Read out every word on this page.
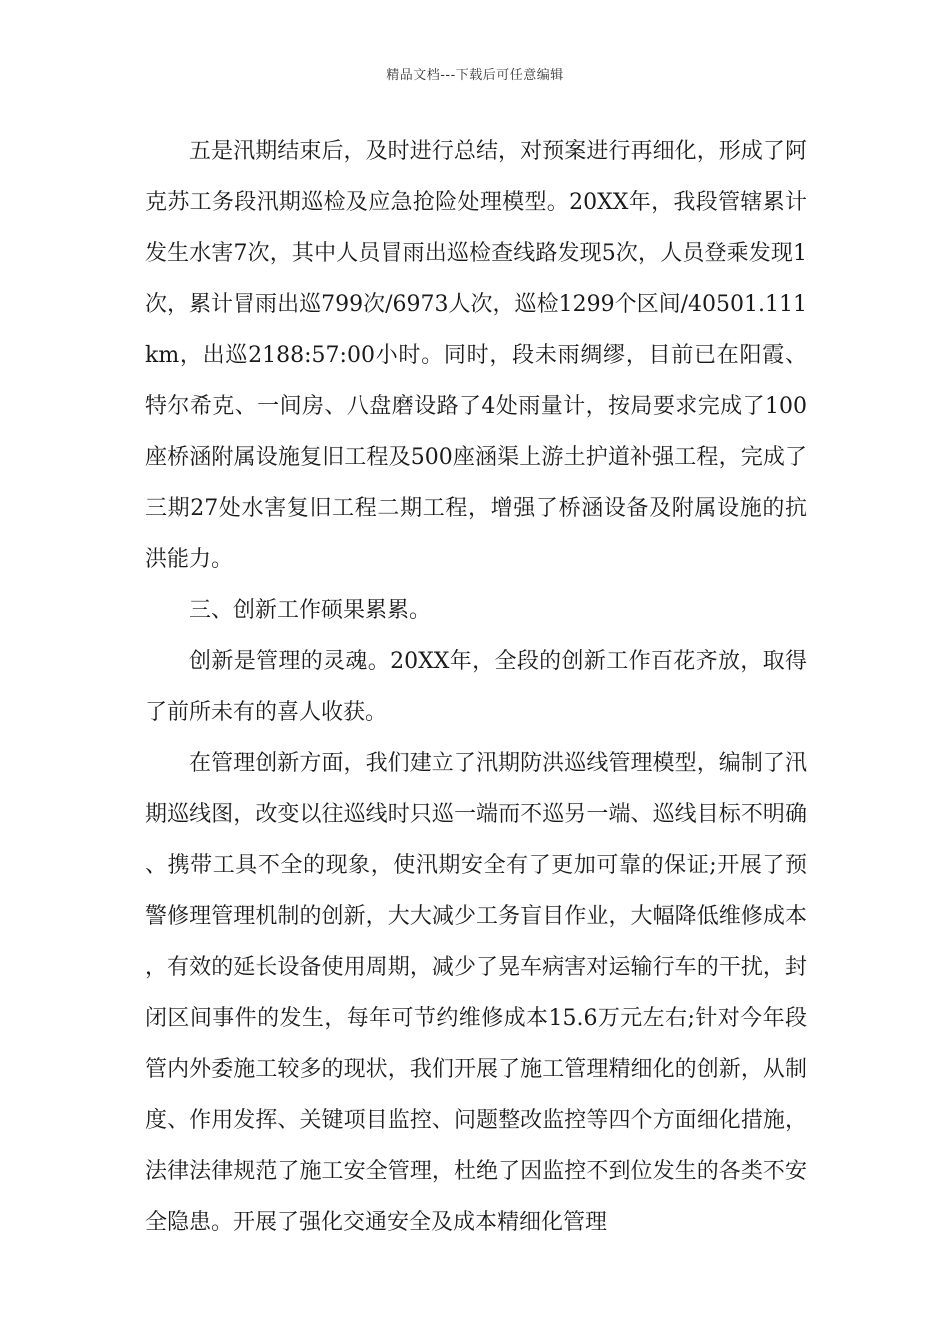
精品文档---下载后可任意编辑

五是汛期结束后，及时进行总结，对预案进行再细化，形成了阿克苏工务段汛期巡检及应急抢险处理模型。20XX年，我段管辖累计发生水害7次，其中人员冒雨出巡检查线路发现5次，人员登乘发现1次，累计冒雨出巡799次/6973人次，巡检1299个区间/40501.111km，出巡2188:57:00小时。同时，段未雨绸缪，目前已在阳霞、特尔希克、一间房、八盘磨设路了4处雨量计，按局要求完成了100座桥涵附属设施复旧工程及500座涵渠上游土护道补强工程，完成了三期27处水害复旧工程二期工程，增强了桥涵设备及附属设施的抗洪能力。

三、创新工作硕果累累。

创新是管理的灵魂。20XX年，全段的创新工作百花齐放，取得了前所未有的喜人收获。

在管理创新方面，我们建立了汛期防洪巡线管理模型，编制了汛期巡线图，改变以往巡线时只巡一端而不巡另一端、巡线目标不明确、携带工具不全的现象，使汛期安全有了更加可靠的保证;开展了预警修理管理机制的创新，大大减少工务盲目作业，大幅降低维修成本，有效的延长设备使用周期，减少了晃车病害对运输行车的干扰，封闭区间事件的发生，每年可节约维修成本15.6万元左右;针对今年段管内外委施工较多的现状，我们开展了施工管理精细化的创新，从制度、作用发挥、关键项目监控、问题整改监控等四个方面细化措施，法律法律规范了施工安全管理，杜绝了因监控不到位发生的各类不安全隐患。开展了强化交通安全及成本精细化管理
